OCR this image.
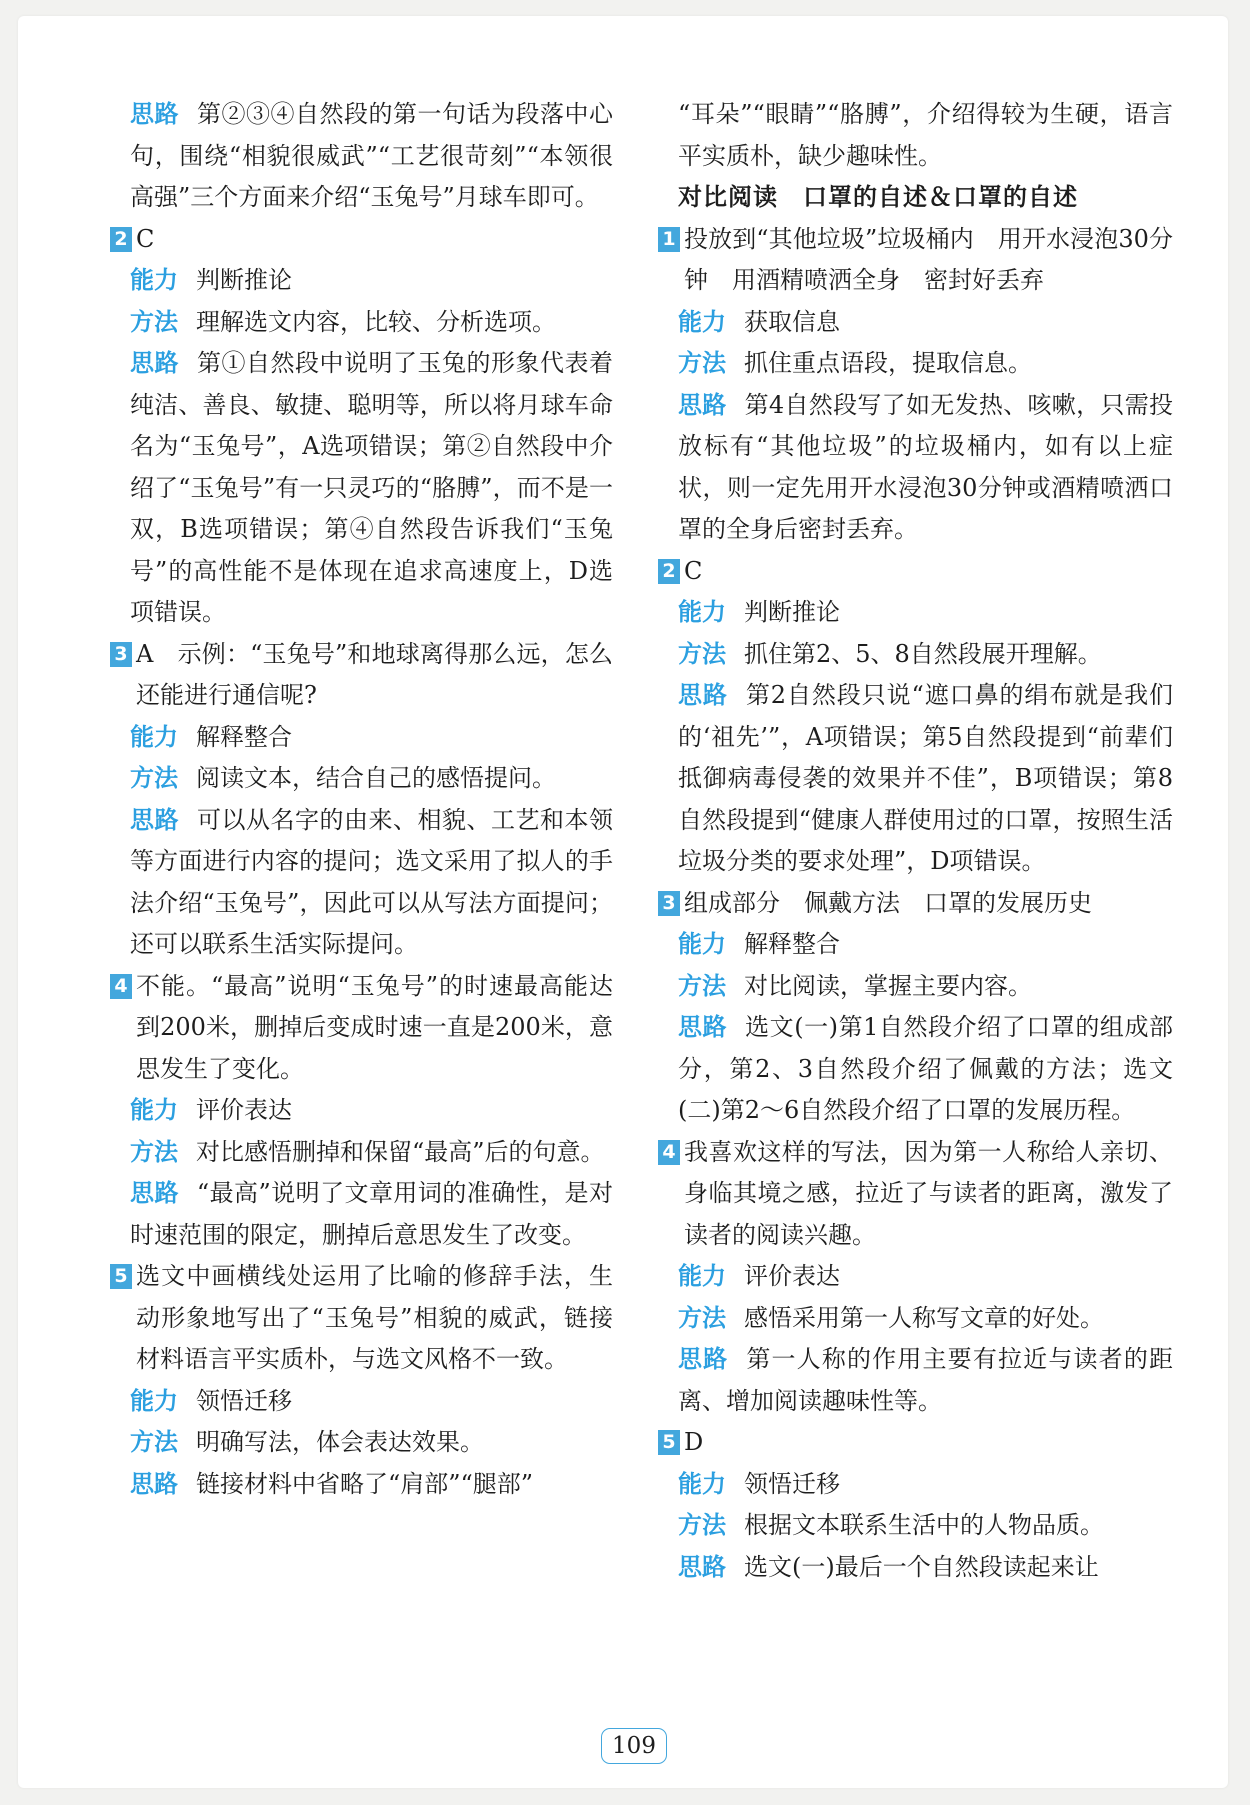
思路 第②③④自然段的第一句话为段落中心句，围绕“相貌很威武”“工艺很苛刻”“本领很高强”三个方面来介绍“玉兔号”月球车即可。
2 C
能力 判断推论
方法 理解选文内容，比较、分析选项。
思路 第①自然段中说明了玉兔的形象代表着纯洁、善良、敏捷、聪明等，所以将月球车命名为“玉兔号”，A选项错误；第②自然段中介绍了“玉兔号”有一只灵巧的“胳膊”，而不是一双，B选项错误；第④自然段告诉我们“玉兔号”的高性能不是体现在追求高速度上，D选项错误。
3 A　示例：“玉兔号”和地球离得那么远，怎么还能进行通信呢?
能力 解释整合
方法 阅读文本，结合自己的感悟提问。
思路 可以从名字的由来、相貌、工艺和本领等方面进行内容的提问；选文采用了拟人的手法介绍“玉兔号”，因此可以从写法方面提问；还可以联系生活实际提问。
4 不能。“最高”说明“玉兔号”的时速最高能达到200米，删掉后变成时速一直是200米，意思发生了变化。
能力 评价表达
方法 对比感悟删掉和保留“最高”后的句意。
思路 “最高”说明了文章用词的准确性，是对时速范围的限定，删掉后意思发生了改变。
5 选文中画横线处运用了比喻的修辞手法，生动形象地写出了“玉兔号”相貌的威武，链接材料语言平实质朴，与选文风格不一致。
能力 领悟迁移
方法 明确写法，体会表达效果。
思路 链接材料中省略了“肩部”“腿部”
“耳朵”“眼睛”“胳膊”，介绍得较为生硬，语言平实质朴，缺少趣味性。
对比阅读　口罩的自述＆口罩的自述
1 投放到“其他垃圾”垃圾桶内　用开水浸泡30分钟　用酒精喷洒全身　密封好丢弃
能力 获取信息
方法 抓住重点语段，提取信息。
思路 第4自然段写了如无发热、咳嗽，只需投放标有“其他垃圾”的垃圾桶内，如有以上症状，则一定先用开水浸泡30分钟或酒精喷洒口罩的全身后密封丢弃。
2 C
能力 判断推论
方法 抓住第2、5、8自然段展开理解。
思路 第2自然段只说“遮口鼻的绢布就是我们的‘祖先’”，A项错误；第5自然段提到“前辈们抵御病毒侵袭的效果并不佳”，B项错误；第8自然段提到“健康人群使用过的口罩，按照生活垃圾分类的要求处理”，D项错误。
3 组成部分　佩戴方法　口罩的发展历史
能力 解释整合
方法 对比阅读，掌握主要内容。
思路 选文(一)第1自然段介绍了口罩的组成部分，第2、3自然段介绍了佩戴的方法；选文(二)第2～6自然段介绍了口罩的发展历程。
4 我喜欢这样的写法，因为第一人称给人亲切、身临其境之感，拉近了与读者的距离，激发了读者的阅读兴趣。
能力 评价表达
方法 感悟采用第一人称写文章的好处。
思路 第一人称的作用主要有拉近与读者的距离、增加阅读趣味性等。
5 D
能力 领悟迁移
方法 根据文本联系生活中的人物品质。
思路 选文(一)最后一个自然段读起来让
109
